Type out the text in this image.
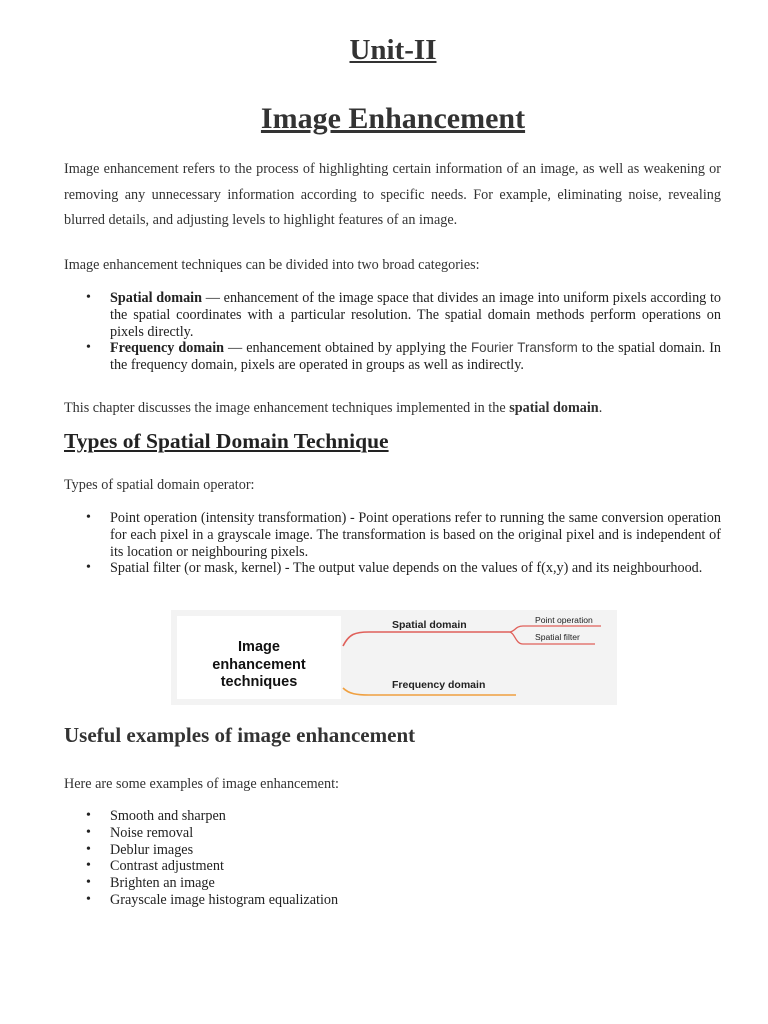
Unit-II
Image Enhancement
Image enhancement refers to the process of highlighting certain information of an image, as well as weakening or removing any unnecessary information according to specific needs. For example, eliminating noise, revealing blurred details, and adjusting levels to highlight features of an image.
Image enhancement techniques can be divided into two broad categories:
• Spatial domain — enhancement of the image space that divides an image into uniform pixels according to the spatial coordinates with a particular resolution. The spatial domain methods perform operations on pixels directly.
• Frequency domain — enhancement obtained by applying the Fourier Transform to the spatial domain. In the frequency domain, pixels are operated in groups as well as indirectly.
This chapter discusses the image enhancement techniques implemented in the spatial domain.
Types of Spatial Domain Technique
Types of spatial domain operator:
• Point operation (intensity transformation) - Point operations refer to running the same conversion operation for each pixel in a grayscale image. The transformation is based on the original pixel and is independent of its location or neighbouring pixels.
• Spatial filter (or mask, kernel) - The output value depends on the values of f(x,y) and its neighbourhood.
Image
enhancement
techniques
Spatial domain	Point operation
Spatial filter
Frequency domain
Useful examples of image enhancement
Here are some examples of image enhancement:
• Smooth and sharpen
• Noise removal
• Deblur images
• Contrast adjustment
• Brighten an image
• Grayscale image histogram equalization
